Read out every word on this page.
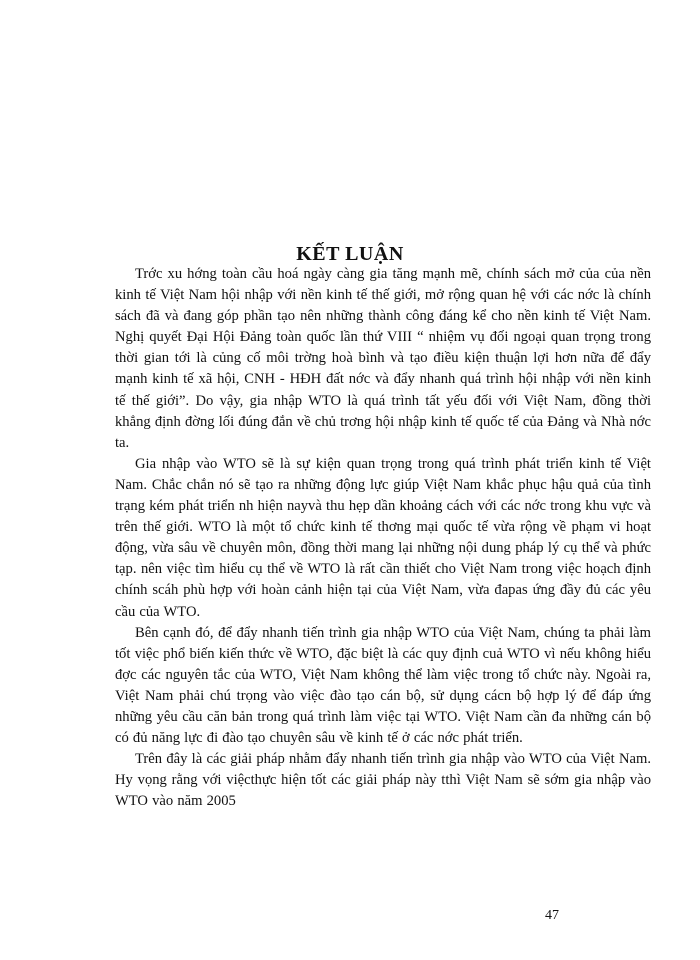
KẾT LUẬN

Trớc xu hớng toàn cầu hoá ngày càng gia tăng mạnh mẽ, chính sách mở của của nền kinh tế Việt Nam hội nhập với nền kinh tế thế giới, mở rộng quan hệ với các nớc là chính sách đã và đang góp phần tạo nên những thành công đáng kể cho nền kinh tế Việt Nam. Nghị quyết Đại Hội Đảng toàn quốc lần thứ VIII “ nhiệm vụ đối ngoại quan trọng trong thời gian tới là củng cố môi trờng hoà bình và tạo điều kiện thuận lợi hơn nữa để đẩy mạnh kinh tế xã hội, CNH - HĐH đất nớc và đẩy nhanh quá trình hội nhập với nền kinh tế thế giới”. Do vậy, gia nhập WTO là quá trình tất yếu đối với Việt Nam, đồng thời khẳng định đờng lối đúng đắn về chủ trơng hội nhập kinh tế quốc tế của Đảng và Nhà nớc ta.

Gia nhập vào WTO sẽ là sự kiện quan trọng trong quá trình phát triển kinh tế Việt Nam. Chắc chắn nó sẽ tạo ra những động lực giúp Việt Nam khắc phục hậu quả của tình trạng kém phát triển nh hiện nayvà thu hẹp dần khoảng cách với các nớc trong khu vực và trên thế giới. WTO là một tổ chức kinh tế thơng mại quốc tế vừa rộng về phạm vi hoạt động, vừa sâu về chuyên môn, đồng thời mang lại những nội dung pháp lý cụ thể và phức tạp. nên việc tìm hiểu cụ thể về WTO là rất cần thiết cho Việt Nam trong việc hoạch định chính scáh phù hợp với hoàn cảnh hiện tại của Việt Nam, vừa đapas ứng đầy đủ các yêu cầu của WTO.

Bên cạnh đó, để đẩy nhanh tiến trình gia nhập WTO của Việt Nam, chúng ta phải làm tốt việc phổ biến kiến thức về WTO, đặc biệt là các quy định cuả WTO vì nếu không hiểu đợc các nguyên tắc của WTO, Việt Nam không thể làm việc trong tổ chức này. Ngoài ra, Việt Nam phải chú trọng vào việc đào tạo cán bộ, sử dụng cácn bộ hợp lý để đáp ứng những yêu cầu căn bản trong quá trình làm việc tại WTO. Việt Nam cần đa những cán bộ có đủ năng lực đi đào tạo chuyên sâu về kinh tế ở các nớc phát triển.

Trên đây là các giải pháp nhằm đẩy nhanh tiến trình gia nhập vào WTO của Việt Nam. Hy vọng rằng với việcthực hiện tốt các giải pháp này tthì Việt Nam sẽ sớm gia nhập vào WTO vào năm 2005

47
